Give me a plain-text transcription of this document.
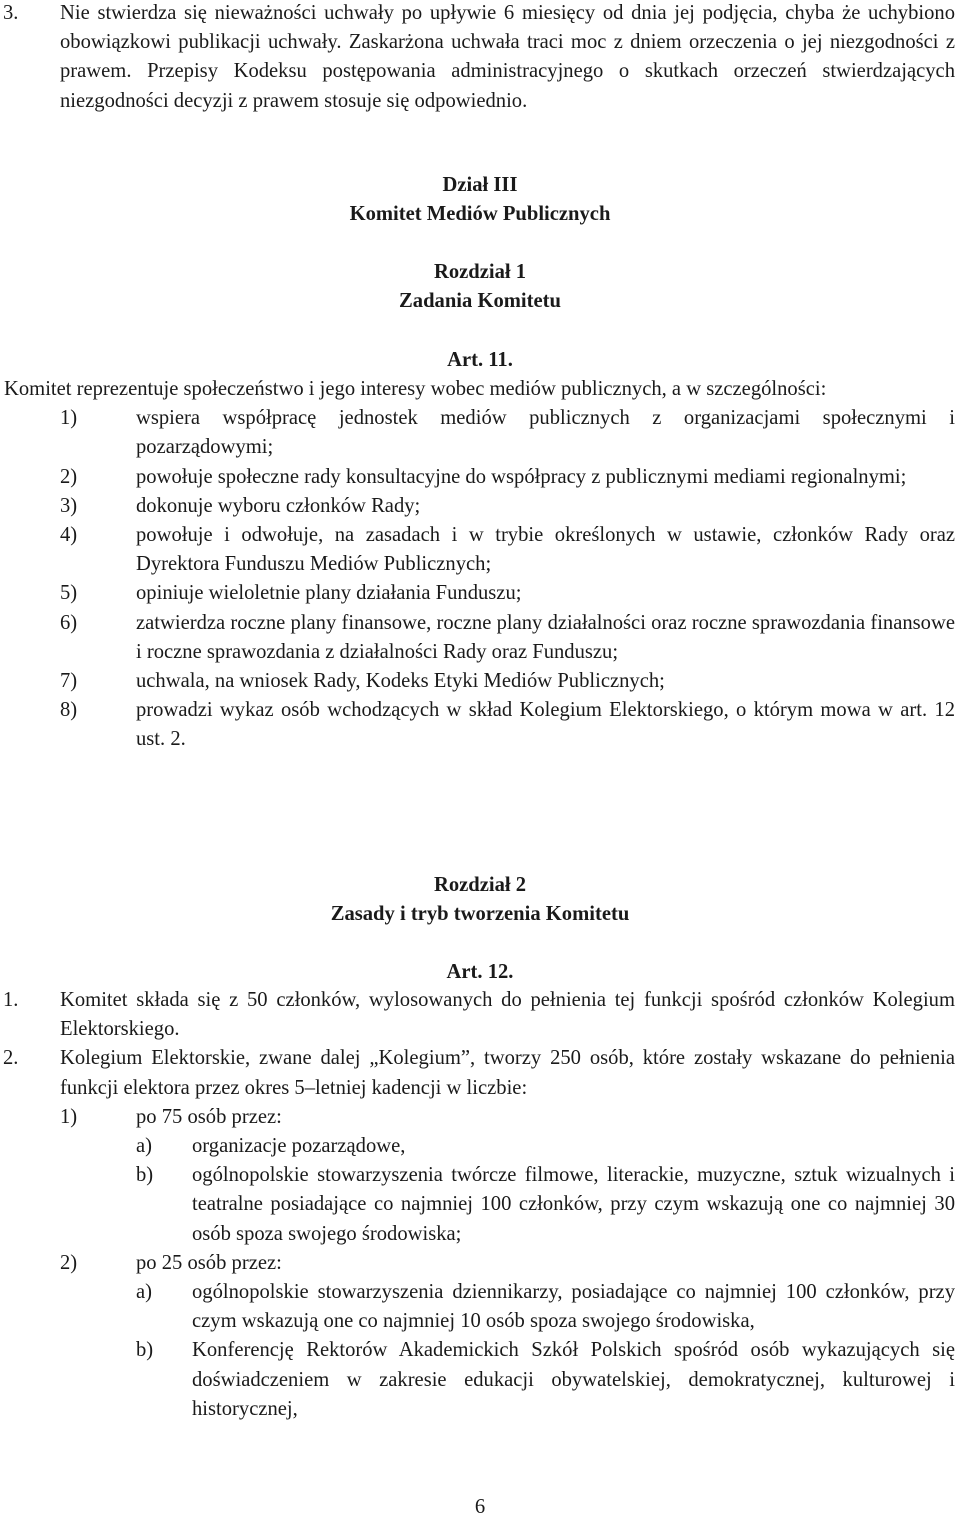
3. Nie stwierdza się nieważności uchwały po upływie 6 miesięcy od dnia jej podjęcia, chyba że uchybiono obowiązkowi publikacji uchwały. Zaskarżona uchwała traci moc z dniem orzeczenia o jej niezgodności z prawem. Przepisy Kodeksu postępowania administracyjnego o skutkach orzeczeń stwierdzających niezgodności decyzji z prawem stosuje się odpowiednio.
Dział III
Komitet Mediów Publicznych
Rozdział 1
Zadania Komitetu
Art. 11.
Komitet reprezentuje społeczeństwo i jego interesy wobec mediów publicznych, a w szczególności:
1)	wspiera współpracę jednostek mediów publicznych z organizacjami społecznymi i pozarządowymi;
2)	powołuje społeczne rady konsultacyjne do współpracy z publicznymi mediami regionalnymi;
3)	dokonuje wyboru członków Rady;
4)	powołuje i odwołuje, na zasadach i w trybie określonych w ustawie, członków Rady oraz Dyrektora Funduszu Mediów Publicznych;
5)	opiniuje wieloletnie plany działania Funduszu;
6)	zatwierdza roczne plany finansowe, roczne plany działalności oraz roczne sprawozdania finansowe i roczne sprawozdania z działalności Rady oraz Funduszu;
7)	uchwala, na wniosek Rady, Kodeks Etyki Mediów Publicznych;
8)	prowadzi wykaz osób wchodzących w skład Kolegium Elektorskiego, o którym mowa w art. 12 ust. 2.
Rozdział 2
Zasady i tryb tworzenia Komitetu
Art. 12.
1. Komitet składa się z 50 członków, wylosowanych do pełnienia tej funkcji spośród członków Kolegium Elektorskiego.
2. Kolegium Elektorskie, zwane dalej „Kolegium”, tworzy 250 osób, które zostały wskazane do pełnienia funkcji elektora przez okres 5–letniej kadencji w liczbie:
1)	po 75 osób przez:
a) organizacje pozarządowe,
b) ogólnopolskie stowarzyszenia twórcze filmowe, literackie, muzyczne, sztuk wizualnych i teatralne posiadające co najmniej 100 członków, przy czym wskazują one co najmniej 30 osób spoza swojego środowiska;
2)	po 25 osób przez:
a) ogólnopolskie stowarzyszenia dziennikarzy, posiadające co najmniej 100 członków, przy czym wskazują one co najmniej 10 osób spoza swojego środowiska,
b) Konferencję Rektorów Akademickich Szkół Polskich spośród osób wykazujących się doświadczeniem w zakresie edukacji obywatelskiej, demokratycznej, kulturowej i historycznej,
6
